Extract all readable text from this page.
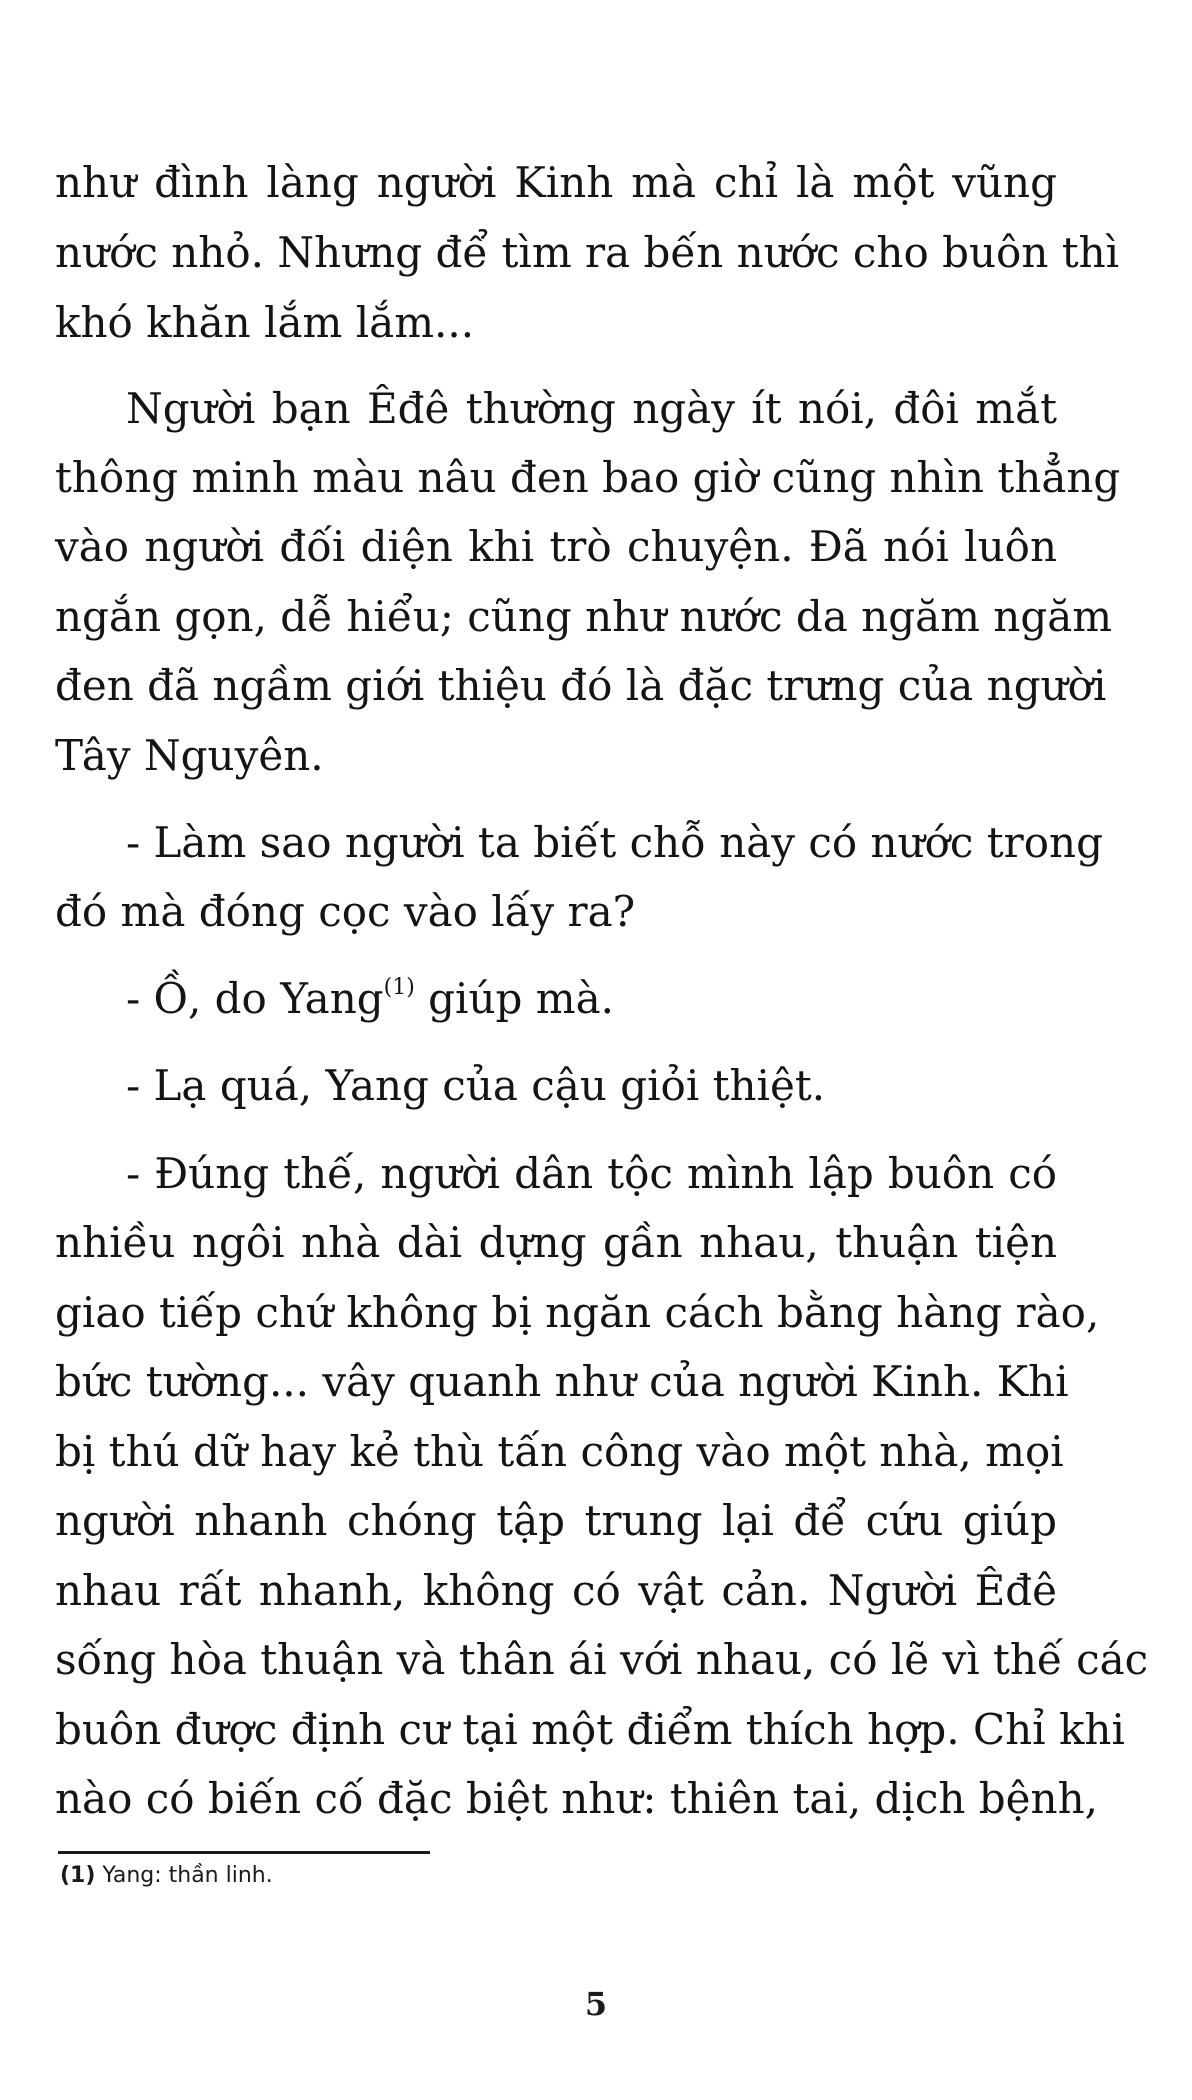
như đình làng người Kinh mà chỉ là một vũng

nước nhỏ. Nhưng để tìm ra bến nước cho buôn thì

khó khăn lắm lắm...

Người bạn Êđê thường ngày ít nói, đôi mắt

thông minh màu nâu đen bao giờ cũng nhìn thẳng

vào người đối diện khi trò chuyện. Đã nói luôn

ngắn gọn, dễ hiểu; cũng như nước da ngăm ngăm

đen đã ngầm giới thiệu đó là đặc trưng của người

Tây Nguyên.

- Làm sao người ta biết chỗ này có nước trong

đó mà đóng cọc vào lấy ra?

- Ồ, do Yang$^{(1)}$ giúp mà.

- Lạ quá, Yang của cậu giỏi thiệt.

- Đúng thế, người dân tộc mình lập buôn có

nhiều ngôi nhà dài dựng gần nhau, thuận tiện

giao tiếp chứ không bị ngăn cách bằng hàng rào,

bức tường... vây quanh như của người Kinh. Khi

bị thú dữ hay kẻ thù tấn công vào một nhà, mọi

người nhanh chóng tập trung lại để cứu giúp

nhau rất nhanh, không có vật cản. Người Êđê

sống hòa thuận và thân ái với nhau, có lẽ vì thế các

buôn được định cư tại một điểm thích hợp. Chỉ khi

nào có biến cố đặc biệt như: thiên tai, dịch bệnh,

(1) Yang: thần linh.

5
